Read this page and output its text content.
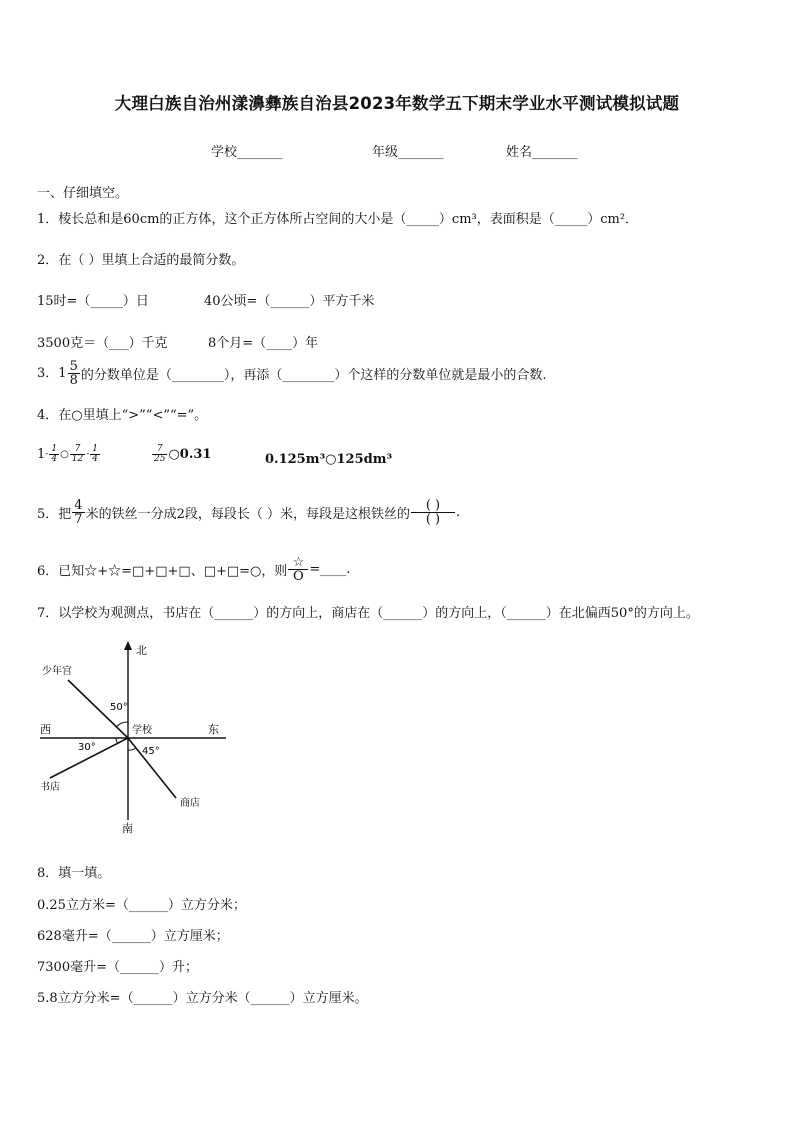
大理白族自治州漾濞彝族自治县2023年数学五下期末学业水平测试模拟试题
学校_______	年级_______	姓名_______
一、仔细填空。
1．棱长总和是60cm的正方体，这个正方体所占空间的大小是（_____）cm³，表面积是（_____）cm²．
2．在（ ）里填上合适的最简分数。
15时=（_____）日	40公顷=（______）平方千米
3500克＝（___）千克	8个月=（____）年
3．$1 \frac{5}{8}$ 的分数单位是（________），再添（________）个这样的分数单位就是最小的合数.
4．在○里填上“>”“<”“=”。
$1- \frac{1}{4}$ ○ $\frac{7}{12} - \frac{1}{4}$	$\frac{7}{25}$ ○0.31	0.125m³○125dm³
5．把 $\frac{4}{7}$ 米的铁丝一分成2段，每段长（ ）米，每段是这根铁丝的 $\frac{( )}{( )}$ .
6．已知☆+☆=□+□+□、□+□=○，则 $\frac{☆}{O}$ =____.
7．以学校为观测点，书店在（______）的方向上，商店在（______）的方向上，（______）在北偏西50°的方向上。
北
南
东
西	学校
少年宫
书店
商店
50°
30°	45°
8．填一填。
0.25立方米=（______）立方分米；
628毫升=（______）立方厘米；
7300毫升=（______）升；
5.8立方分米=（______）立方分米（______）立方厘米。
